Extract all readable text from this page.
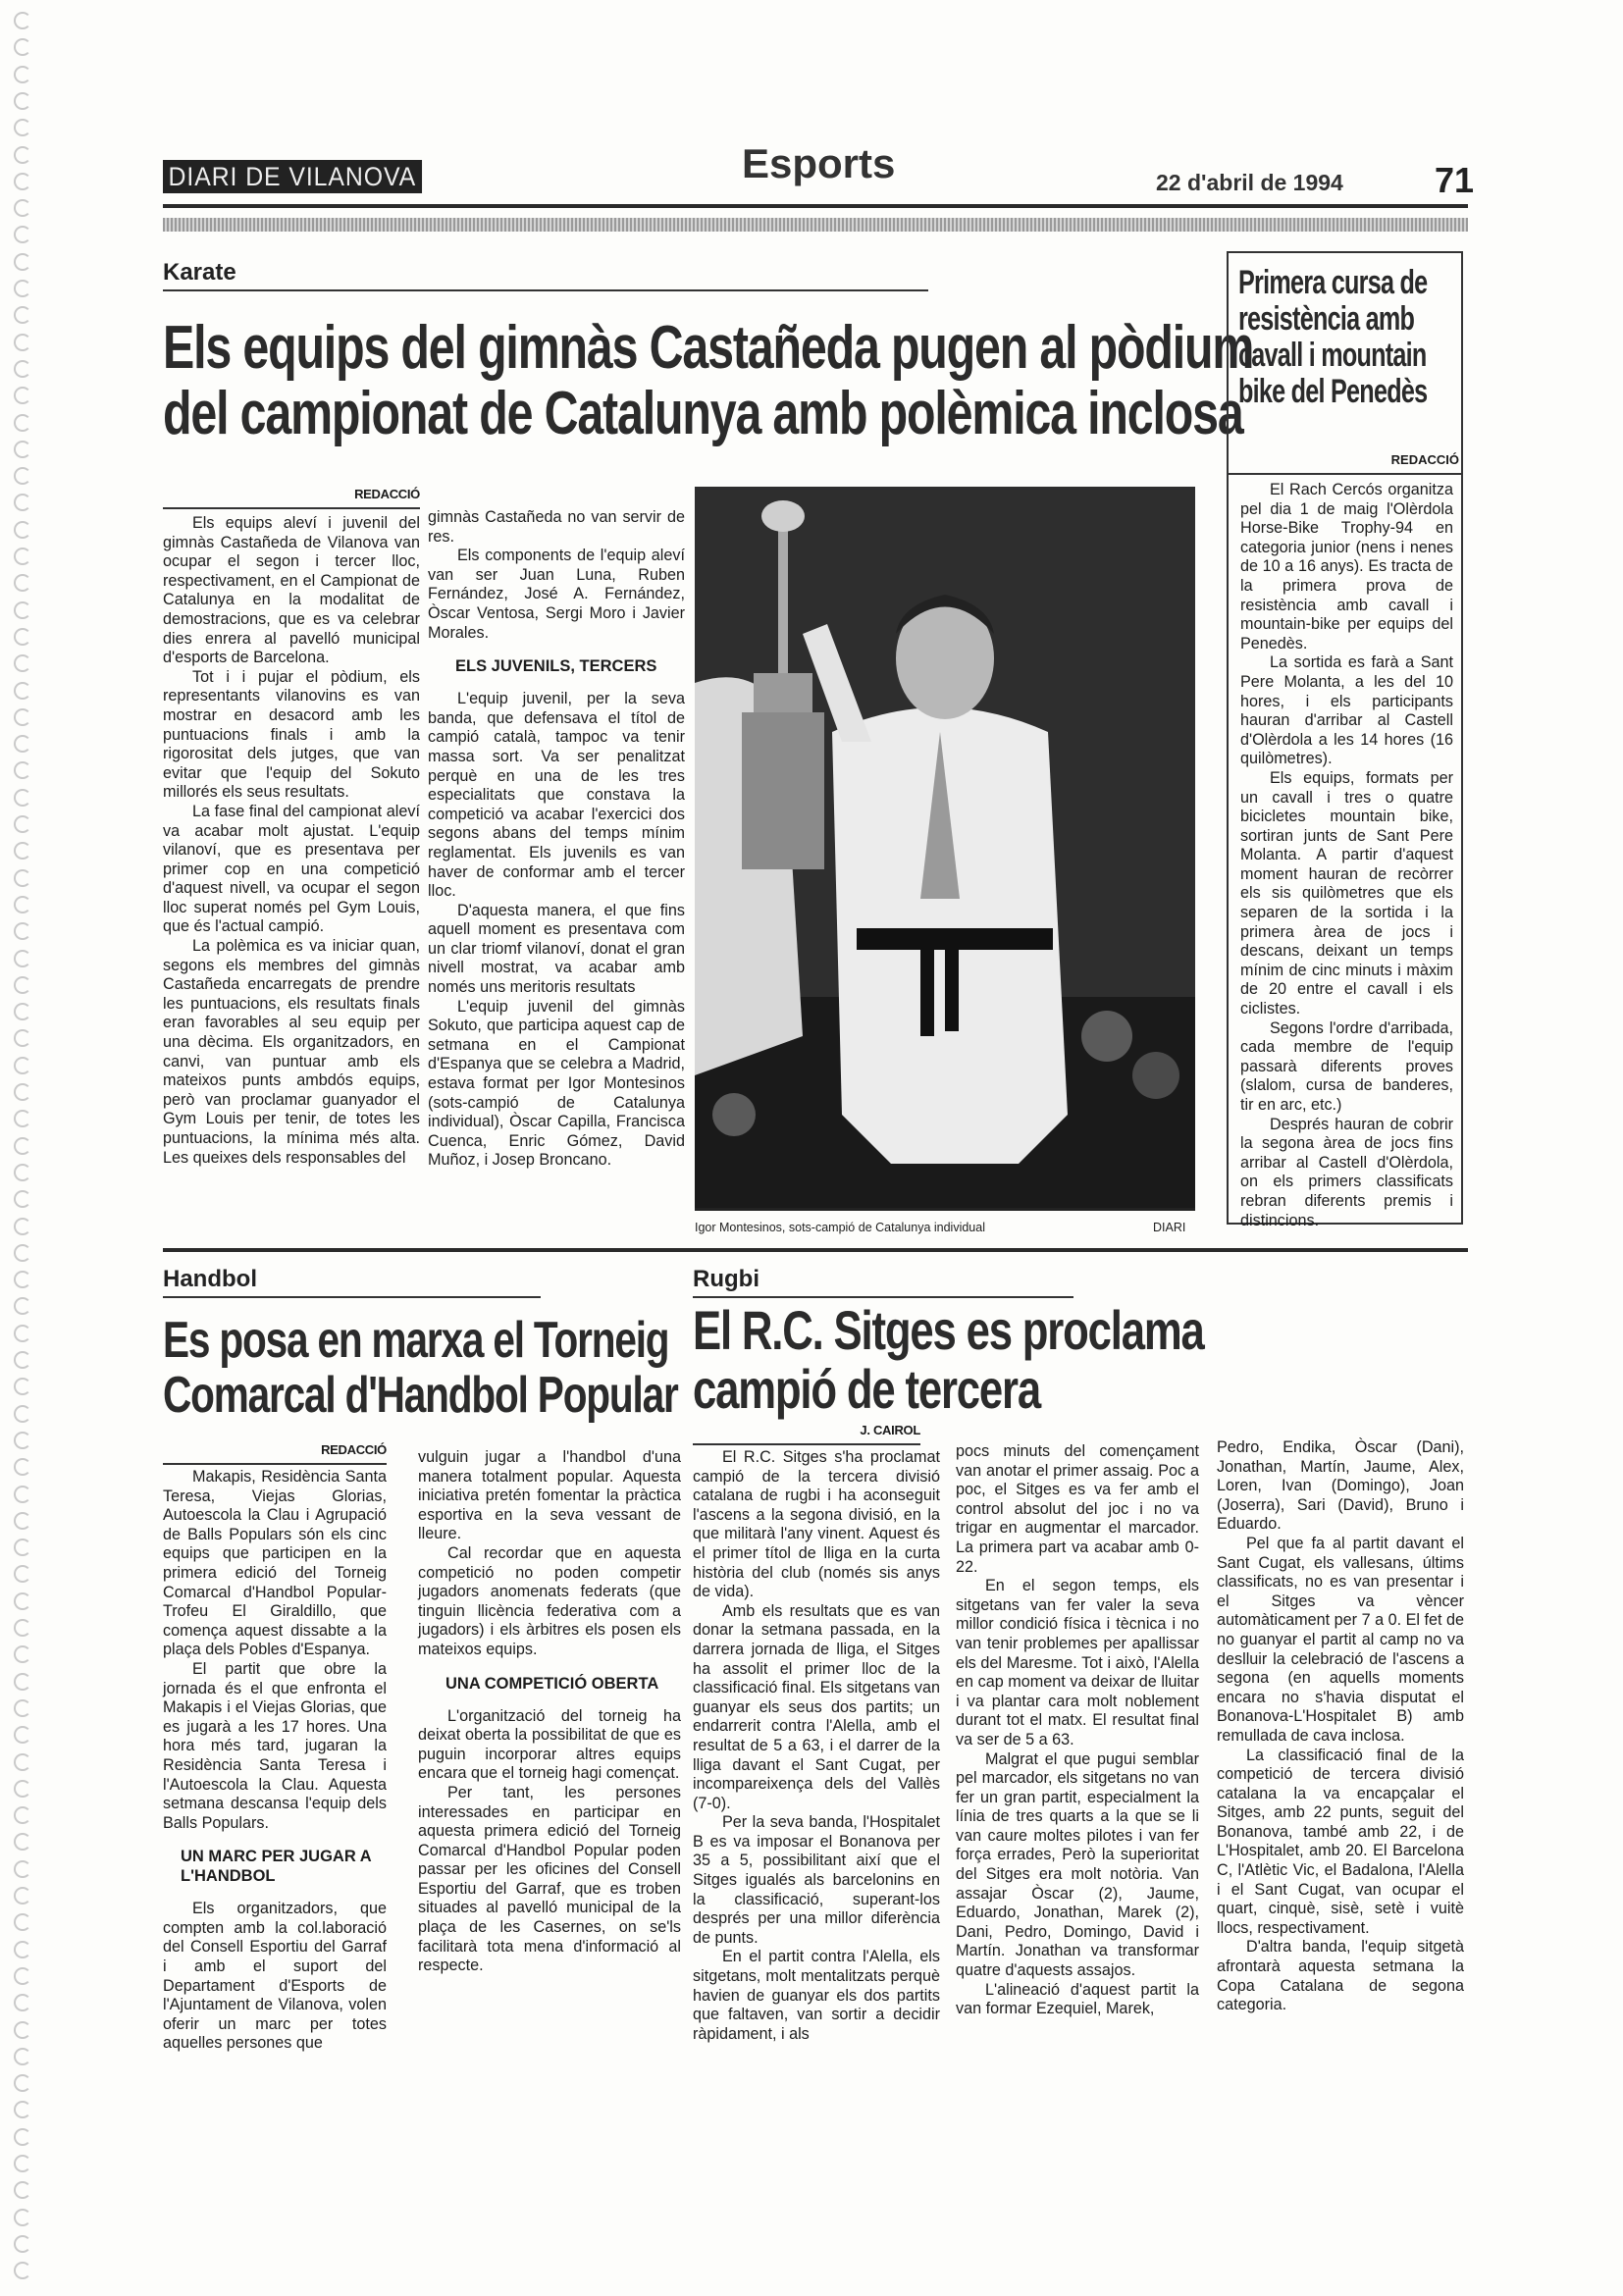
DIARI DE VILANOVA	Esports	22 d'abril de 1994	71
Karate
Els equips del gimnàs Castañeda pugen al pòdium
del campionat de Catalunya amb polèmica inclosa
REDACCIÓ

Els equips aleví i juvenil del gimnàs Castañeda de Vilanova van ocupar el segon i tercer lloc, respectivament, en el Campionat de Catalunya en la modalitat de demostracions, que es va celebrar dies enrera al pavelló municipal d'esports de Barcelona.

Tot i i pujar el pòdium, els representants vilanovins es van mostrar en desacord amb les puntuacions finals i amb la rigorositat dels jutges, que van evitar que l'equip del Sokuto millorés els seus resultats.

La fase final del campionat aleví va acabar molt ajustat. L'equip vilanoví, que es presentava per primer cop en una competició d'aquest nivell, va ocupar el segon lloc superat només pel Gym Louis, que és l'actual campió.

La polèmica es va iniciar quan, segons els membres del gimnàs Castañeda encarregats de prendre les puntuacions, els resultats finals eran favorables al seu equip per una dècima. Els organitzadors, en canvi, van puntuar amb els mateixos punts ambdós equips, però van proclamar guanyador el Gym Louis per tenir, de totes les puntuacions, la mínima més alta. Les queixes dels responsables del

gimnàs Castañeda no van servir de res.

Els components de l'equip aleví van ser Juan Luna, Ruben Fernández, José A. Fernández, Òscar Ventosa, Sergi Moro i Javier Morales.

ELS JUVENILS, TERCERS

L'equip juvenil, per la seva banda, que defensava el títol de campió català, tampoc va tenir massa sort. Va ser penalitzat perquè en una de les tres especialitats que constava la competició va acabar l'exercici dos segons abans del temps mínim reglamentat. Els juvenils es van haver de conformar amb el tercer lloc.

D'aquesta manera, el que fins aquell moment es presentava com un clar triomf vilanoví, donat el gran nivell mostrat, va acabar amb només uns meritoris resultats

L'equip juvenil del gimnàs Sokuto, que participa aquest cap de setmana en el Campionat d'Espanya que se celebra a Madrid, estava format per Igor Montesinos (sots-campió de Catalunya individual), Òscar Capilla, Francisca Cuenca, Enric Gómez, David Muñoz, i Josep Broncano.

Igor Montesinos, sots-campió de Catalunya individual	DIARI
Primera cursa de
resistència amb
cavall i mountain
bike del Penedès
REDACCIÓ

El Rach Cercós organitza pel dia 1 de maig l'Olèrdola Horse-Bike Trophy-94 en categoria junior (nens i nenes de 10 a 16 anys). Es tracta de la primera prova de resistència amb cavall i mountain-bike per equips del Penedès.

La sortida es farà a Sant Pere Molanta, a les del 10 hores, i els participants hauran d'arribar al Castell d'Olèrdola a les 14 hores (16 quilòmetres).

Els equips, formats per un cavall i tres o quatre bicicletes mountain bike, sortiran junts de Sant Pere Molanta. A partir d'aquest moment hauran de recòrrer els sis quilòmetres que els separen de la sortida i la primera àrea de jocs i descans, deixant un temps mínim de cinc minuts i màxim de 20 entre el cavall i els ciclistes.

Segons l'ordre d'arribada, cada membre de l'equip passarà diferents proves (slalom, cursa de banderes, tir en arc, etc.)

Després hauran de cobrir la segona àrea de jocs fins arribar al Castell d'Olèrdola, on els primers classificats rebran diferents premis i distincions.

Handbol
Es posa en marxa el Torneig
Comarcal d'Handbol Popular
REDACCIÓ

Makapis, Residència Santa Teresa, Viejas Glorias, Autoescola la Clau i Agrupació de Balls Populars són els cinc equips que participen en la primera edició del Torneig Comarcal d'Handbol Popular-Trofeu El Giraldillo, que comença aquest dissabte a la plaça dels Pobles d'Espanya.

El partit que obre la jornada és el que enfronta el Makapis i el Viejas Glorias, que es jugarà a les 17 hores. Una hora més tard, jugaran la Residència Santa Teresa i l'Autoescola la Clau. Aquesta setmana descansa l'equip dels Balls Populars.

UN MARC PER JUGAR A L'HANDBOL

Els organitzadors, que compten amb la col.laboració del Consell Esportiu del Garraf i amb el suport del Departament d'Esports de l'Ajuntament de Vilanova, volen oferir un marc per totes aquelles persones que

vulguin jugar a l'handbol d'una manera totalment popular. Aquesta iniciativa pretén fomentar la pràctica esportiva en la seva vessant de lleure.

Cal recordar que en aquesta competició no poden competir jugadors anomenats federats (que tinguin llicència federativa com a jugadors) i els àrbitres els posen els mateixos equips.

UNA COMPETICIÓ OBERTA

L'organització del torneig ha deixat oberta la possibilitat de que es puguin incorporar altres equips encara que el torneig hagi començat.

Per tant, les persones interessades en participar en aquesta primera edició del Torneig Comarcal d'Handbol Popular poden passar per les oficines del Consell Esportiu del Garraf, que es troben situades al pavelló municipal de la plaça de les Casernes, on se'ls facilitarà tota mena d'informació al respecte.

Rugbi
El R.C. Sitges es proclama
campió de tercera
J. CAIROL

El R.C. Sitges s'ha proclamat campió de la tercera divisió catalana de rugbi i ha aconseguit l'ascens a la segona divisió, en la que militarà l'any vinent. Aquest és el primer títol de lliga en la curta història del club (només sis anys de vida).

Amb els resultats que es van donar la setmana passada, en la darrera jornada de lliga, el Sitges ha assolit el primer lloc de la classificació final. Els sitgetans van guanyar els seus dos partits; un endarrerit contra l'Alella, amb el resultat de 5 a 63, i el darrer de la lliga davant el Sant Cugat, per incompareixença dels del Vallès (7-0).

Per la seva banda, l'Hospitalet B es va imposar el Bonanova per 35 a 5, possibilitant així que el Sitges igualés als barcelonins en la classificació, superant-los després per una millor diferència de punts.

En el partit contra l'Alella, els sitgetans, molt mentalitzats perquè havien de guanyar els dos partits que faltaven, van sortir a decidir ràpidament, i als

pocs minuts del començament van anotar el primer assaig. Poc a poc, el Sitges es va fer amb el control absolut del joc i no va trigar en augmentar el marcador. La primera part va acabar amb 0-22.

En el segon temps, els sitgetans van fer valer la seva millor condició física i tècnica i no van tenir problemes per apallissar els del Maresme. Tot i això, l'Alella en cap moment va deixar de lluitar i va plantar cara molt noblement durant tot el matx. El resultat final va ser de 5 a 63.

Malgrat el que pugui semblar pel marcador, els sitgetans no van fer un gran partit, especialment la línia de tres quarts a la que se li van caure moltes pilotes i van fer força errades, Però la superioritat del Sitges era molt notòria. Van assajar Òscar (2), Jaume, Eduardo, Jonathan, Marek (2), Dani, Pedro, Domingo, David i Martín. Jonathan va transformar quatre d'aquests assajos.

L'alineació d'aquest partit la van formar Ezequiel, Marek,

Pedro, Endika, Òscar (Dani), Jonathan, Martín, Jaume, Alex, Loren, Ivan (Domingo), Joan (Joserra), Sari (David), Bruno i Eduardo.

Pel que fa al partit davant el Sant Cugat, els vallesans, últims classificats, no es van presentar i el Sitges va vèncer automàticament per 7 a 0. El fet de no guanyar el partit al camp no va deslluir la celebració de l'ascens a segona (en aquells moments encara no s'havia disputat el Bonanova-L'Hospitalet B) amb remullada de cava inclosa.

La classificació final de la competició de tercera divisió catalana la va encapçalar el Sitges, amb 22 punts, seguit del Bonanova, també amb 22, i de L'Hospitalet, amb 20. El Barcelona C, l'Atlètic Vic, el Badalona, l'Alella i el Sant Cugat, van ocupar el quart, cinquè, sisè, setè i vuitè llocs, respectivament.

D'altra banda, l'equip sitgetà afrontarà aquesta setmana la Copa Catalana de segona categoria.
